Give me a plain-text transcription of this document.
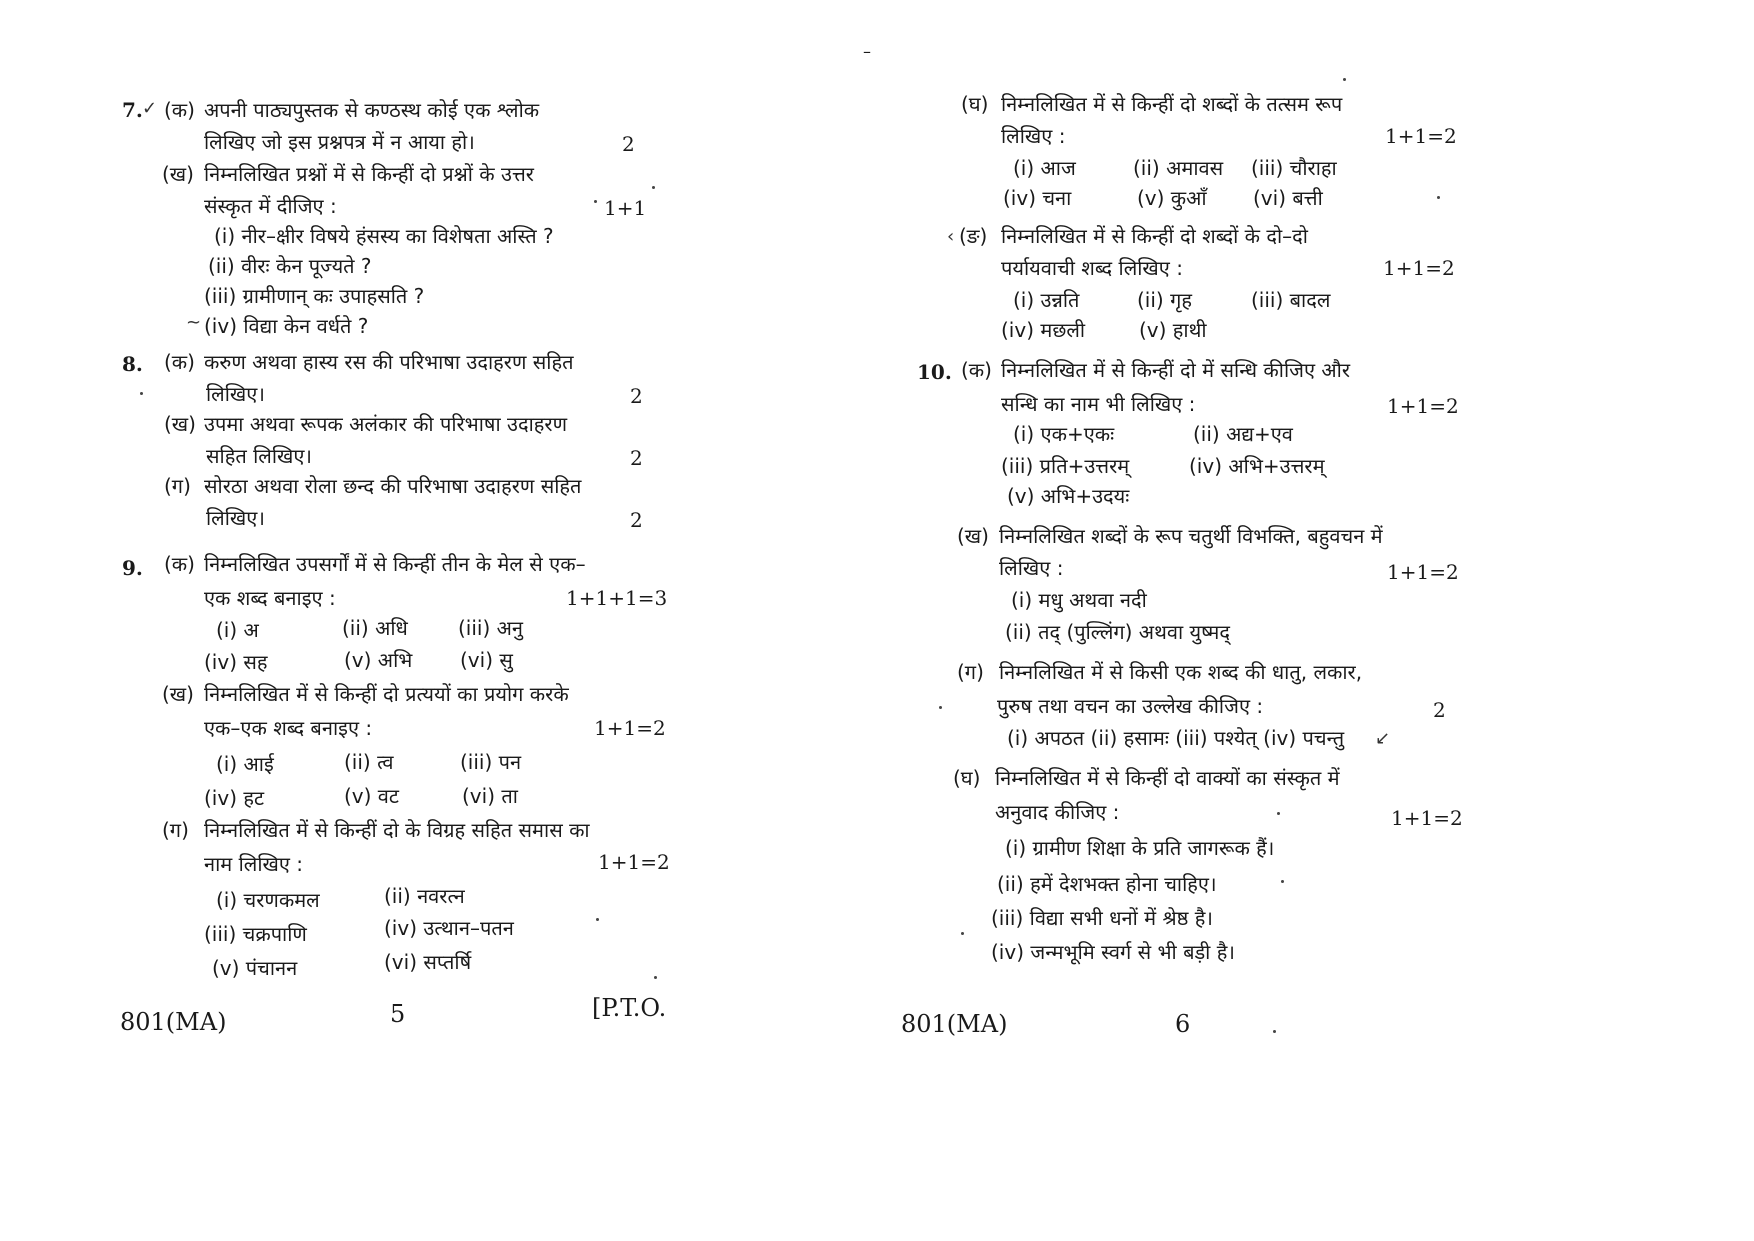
7. ✓ (क) अपनी पाठ्यपुस्तक से कण्ठस्थ कोई एक श्लोक
लिखिए जो इस प्रश्नपत्र में न आया हो।	2
(ख) निम्नलिखित प्रश्नों में से किन्हीं दो प्रश्नों के उत्तर
संस्कृत में दीजिए :	1+1
(i) नीर–क्षीर विषये हंसस्य का विशेषता अस्ति ?
(ii) वीरः केन पूज्यते ?
(iii) ग्रामीणान् कः उपाहसति ?
~ (iv) विद्या केन वर्धते ?
8. (क) करुण अथवा हास्य रस की परिभाषा उदाहरण सहित
लिखिए।	2
(ख) उपमा अथवा रूपक अलंकार की परिभाषा उदाहरण
सहित लिखिए।	2
(ग) सोरठा अथवा रोला छन्द की परिभाषा उदाहरण सहित
लिखिए।	2
9. (क) निम्नलिखित उपसर्गों में से किन्हीं तीन के मेल से एक–
एक शब्द बनाइए :	1+1+1=3
(i) अ	(ii) अधि	(iii) अनु
(iv) सह	(v) अभि (vi) सु
(ख) निम्नलिखित में से किन्हीं दो प्रत्ययों का प्रयोग करके
एक–एक शब्द बनाइए :	1+1=2
(i) आई	(ii) त्व	(iii) पन
(iv) हट	(v) वट	(vi) ता
(ग) निम्नलिखित में से किन्हीं दो के विग्रह सहित समास का
नाम लिखिए :	1+1=2
(i) चरणकमल	(ii) नवरत्न
(iii) चक्रपाणि	(iv) उत्थान–पतन
(v) पंचानन	(vi) सप्तर्षि
801(MA)	5	[P.T.O.
–
(घ) निम्नलिखित में से किन्हीं दो शब्दों के तत्सम रूप
लिखिए :	1+1=2
(i) आज	(ii) अमावस (iii) चौराहा
(iv) चना	(v) कुआँ (vi) बत्ती
‹ (ङ) निम्नलिखित में से किन्हीं दो शब्दों के दो–दो
पर्यायवाची शब्द लिखिए :	1+1=2
(i) उन्नति	(ii) गृह	(iii) बादल
(iv) मछली	(v) हाथी
10. (क) निम्नलिखित में से किन्हीं दो में सन्धि कीजिए और
सन्धि का नाम भी लिखिए :	1+1=2
(i) एक+एकः	(ii) अद्य+एव
(iii) प्रति+उत्तरम्	(iv) अभि+उत्तरम्
(v) अभि+उदयः
(ख) निम्नलिखित शब्दों के रूप चतुर्थी विभक्ति, बहुवचन में
लिखिए :	1+1=2
(i) मधु अथवा नदी
(ii) तद् (पुल्लिंग) अथवा युष्मद्
(ग) निम्नलिखित में से किसी एक शब्द की धातु, लकार,
पुरुष तथा वचन का उल्लेख कीजिए :	2
(i) अपठत (ii) हसामः (iii) पश्येत् (iv) पचन्तु ↙
(घ) निम्नलिखित में से किन्हीं दो वाक्यों का संस्कृत में
अनुवाद कीजिए :	1+1=2
(i) ग्रामीण शिक्षा के प्रति जागरूक हैं।
(ii) हमें देशभक्त होना चाहिए।
(iii) विद्या सभी धनों में श्रेष्ठ है।
(iv) जन्मभूमि स्वर्ग से भी बड़ी है।
801(MA)	6
